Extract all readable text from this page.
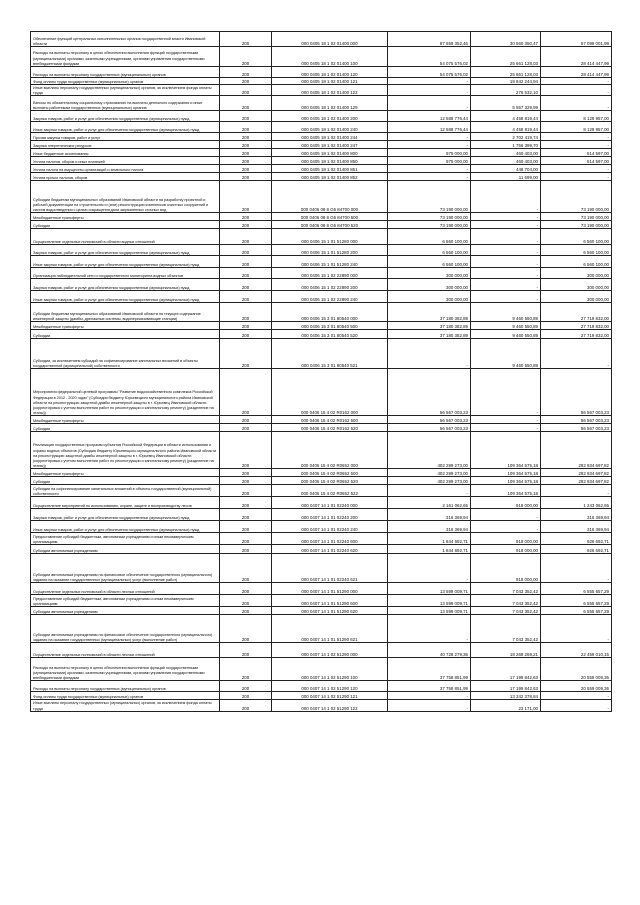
Обеспечение функций центральных исполнительных органов государственной власти Ивановской области	200	000 0405 18 1 02 01400 000	87 659 352,46	30 560 350,47	57 099 001,99
Расходы на выплаты персоналу в целях обеспечения выполнения функций государственными (муниципальными) органами, казенными учреждениями, органами управления государственными внебюджетными фондами	200	000 0405 18 1 02 01400 100	54 075 576,02	25 661 128,03	28 414 447,99
Расходы на выплаты персоналу государственных (муниципальных) органов	200	000 0405 18 1 02 01400 120	54 075 576,02	25 661 128,03	28 414 447,99
Фонд оплаты труда государственных (муниципальных) органов	200	000 0405 18 1 02 01400 121	-	19 842 244,94	-
Иные выплаты персоналу государственных (муниципальных) органов, за исключением фонда оплаты труда	200	000 0405 18 1 02 01400 122	-	276 532,10	-
Взносы по обязательному социальному страхованию на выплаты денежного содержания и иные выплаты работникам государственных (муниципальных) органов	200	000 0405 18 1 02 01400 129	-	5 557 329,99	-
Закупка товаров, работ и услуг для обеспечения государственных (муниципальных) нужд	200	000 0405 18 1 02 01400 200	12 588 776,44	4 458 819,44	8 129 957,00
Иные закупки товаров, работ и услуг для обеспечения государственных (муниципальных) нужд	200	000 0405 18 1 02 01400 240	12 588 776,44	4 458 819,44	8 129 957,00
Прочая закупка товаров, работ и услуг	200	000 0405 18 1 02 01400 244	-	2 702 419,74	-
Закупка энергетических ресурсов	200	000 0405 18 1 02 01400 247	-	1 756 399,70	-
Иные бюджетные ассигнования	200	000 0405 18 1 02 01400 800	975 000,00	460 403,00	514 597,00
Уплата налогов, сборов и иных платежей	200	000 0405 18 1 02 01400 850	975 000,00	460 403,00	514 597,00
Уплата налога на имущество организаций и земельного налога	200	000 0405 18 1 02 01400 851	-	448 704,00	-
Уплата прочих налогов, сборов	200	000 0405 18 1 02 01400 852	-	11 699,00	-
Субсидии бюджетам муниципальных образований Ивановской области на разработку проектной и рабочей документации на строительство и (или) реконструкцию комплексов очистных сооружений и систем водоотведения с целью сокращения доли загрязненных сточных вод	200	000 0406 08 8 G6 84700 000	73 190 000,00	-	73 190 000,00
Межбюджетные трансферты	200	000 0406 08 8 G6 84700 500	73 190 000,00	-	73 190 000,00
Субсидии	200	000 0406 08 8 G6 84700 520	73 190 000,00	-	73 190 000,00
Осуществление отдельных полномочий в области водных отношений	200	000 0406 15 1 01 51280 000	6 560 100,00	-	6 560 100,00
Закупка товаров, работ и услуг для обеспечения государственных (муниципальных) нужд	200	000 0406 15 1 01 51280 200	6 560 100,00	-	6 560 100,00
Иные закупки товаров, работ и услуг для обеспечения государственных (муниципальных) нужд	200	000 0406 15 1 01 51280 240	6 560 100,00	-	6 560 100,00
Организация наблюдательной сети и государственного мониторинга водных объектов	200	000 0406 15 1 02 22890 000	300 000,00	-	300 000,00
Закупка товаров, работ и услуг для обеспечения государственных (муниципальных) нужд	200	000 0406 15 1 02 22890 200	300 000,00	-	300 000,00
Иные закупки товаров, работ и услуг для обеспечения государственных (муниципальных) нужд	200	000 0406 15 1 02 22890 240	300 000,00	-	300 000,00
Субсидии бюджетам муниципальных образований Ивановской области на текущее содержание инженерной защиты (дамбы, дренажные системы, водоперекачивающие станции)	200	000 0406 15 3 01 80540 000	37 180 382,89	9 460 550,89	27 719 832,00
Межбюджетные трансферты	200	000 0406 15 3 01 80540 500	37 180 382,89	9 460 550,89	27 719 832,00
Субсидии	200	000 0406 15 3 01 80540 520	37 180 382,89	9 460 550,89	27 719 832,00
Субсидии, за исключением субсидий на софинансирование капитальных вложений в объекты государственной (муниципальной) собственности	200	000 0406 15 3 01 80540 521	-	9 460 550,89	-
Мероприятия федеральной целевой программы "Развитие водохозяйственного комплекса Российской Федерации в 2012 - 2020 годах" (Субсидия бюджету Юрьевецкого муниципального района Ивановской области на реконструкцию защитной дамбы инженерной защиты в г. Юрьевец Ивановской области (корректировка с учетом выполнения работ по реконструкции и капитальному ремонту) (разделение на этапы))	200	000 0406 15 4 02 R0162 000	56 567 003,23	-	56 567 003,23
Межбюджетные трансферты	200	000 0406 15 4 02 R0162 500	56 567 003,23	-	56 567 003,23
Субсидии	200	000 0406 15 4 02 R0162 520	56 567 003,23	-	56 567 003,23
Реализация государственных программ субъектов Российской Федерации в области использования и охраны водных объектов (Субсидия бюджету Юрьевецкого муниципального района Ивановской области на реконструкцию защитной дамбы инженерной защиты в г. Юрьевец Ивановской области (корректировка с учетом выполнения работ по реконструкции и капитальному ремонту) (разделение на этапы))	200	000 0406 15 4 02 R0652 000	402 299 273,00	109 364 575,18	292 934 697,82
Межбюджетные трансферты	200	000 0406 15 4 02 R0652 500	402 299 273,00	109 364 575,18	292 934 697,82
Субсидии	200	000 0406 15 4 02 R0652 520	402 299 273,00	109 364 575,18	292 934 697,82
Субсидии на софинансирование капитальных вложений в объекты государственной (муниципальной) собственности	200	000 0406 15 4 02 R0652 522	-	109 364 575,18	-
Осуществление мероприятий по использованию, охране, защите и воспроизводству лесов	200	000 0407 14 1 01 02240 000	2 161 062,65	918 000,00	1 243 062,65
Закупка товаров, работ и услуг для обеспечения государственных (муниципальных) нужд	200	000 0407 14 1 01 02240 200	316 369,94	-	316 369,94
Иные закупки товаров, работ и услуг для обеспечения государственных (муниципальных) нужд	200	000 0407 14 1 01 02240 240	316 369,94	-	316 369,94
Предоставление субсидий бюджетным, автономным учреждениям и иным некоммерческим организациям	200	000 0407 14 1 01 02240 600	1 844 692,71	918 000,00	926 692,71
Субсидии автономным учреждениям	200	000 0407 14 1 01 02240 620	1 844 692,71	918 000,00	926 692,71
Субсидии автономным учреждениям на финансовое обеспечение государственного (муниципального) задания на оказание государственных (муниципальных) услуг (выполнение работ)	200	000 0407 14 1 01 02240 621	-	918 000,00	-
Осуществление отдельных полномочий в области лесных отношений	200	000 0407 14 1 01 51290 000	13 599 009,71	7 043 352,42	6 555 657,29
Предоставление субсидий бюджетным, автономным учреждениям и иным некоммерческим организациям	200	000 0407 14 1 01 51290 600	13 599 009,71	7 043 352,42	6 555 657,29
Субсидии автономным учреждениям	200	000 0407 14 1 01 51290 620	13 599 009,71	7 043 352,42	6 555 657,29
Субсидии автономным учреждениям на финансовое обеспечение государственного (муниципального) задания на оказание государственных (муниципальных) услуг (выполнение работ)	200	000 0407 14 1 01 51290 621	-	7 043 352,42	-
Осуществление отдельных полномочий в области лесных отношений	200	000 0407 14 1 02 51290 000	40 728 279,36	18 269 269,21	22 459 010,15
Расходы на выплаты персоналу в целях обеспечения выполнения функций государственными (муниципальными) органами, казенными учреждениями, органами управления государственными внебюджетными фондами	200	000 0407 14 1 02 51290 100	37 758 851,99	17 199 842,63	20 559 009,36
Расходы на выплаты персоналу государственных (муниципальных) органов	200	000 0407 14 1 02 51290 120	37 758 851,99	17 199 842,63	20 559 009,36
Фонд оплаты труда государственных (муниципальных) органов	200	000 0407 14 1 02 51290 121	-	13 342 378,84	-
Иные выплаты персоналу государственных (муниципальных) органов, за исключением фонда оплаты труда	200	000 0407 14 1 02 51290 122	-	23 171,00	-
